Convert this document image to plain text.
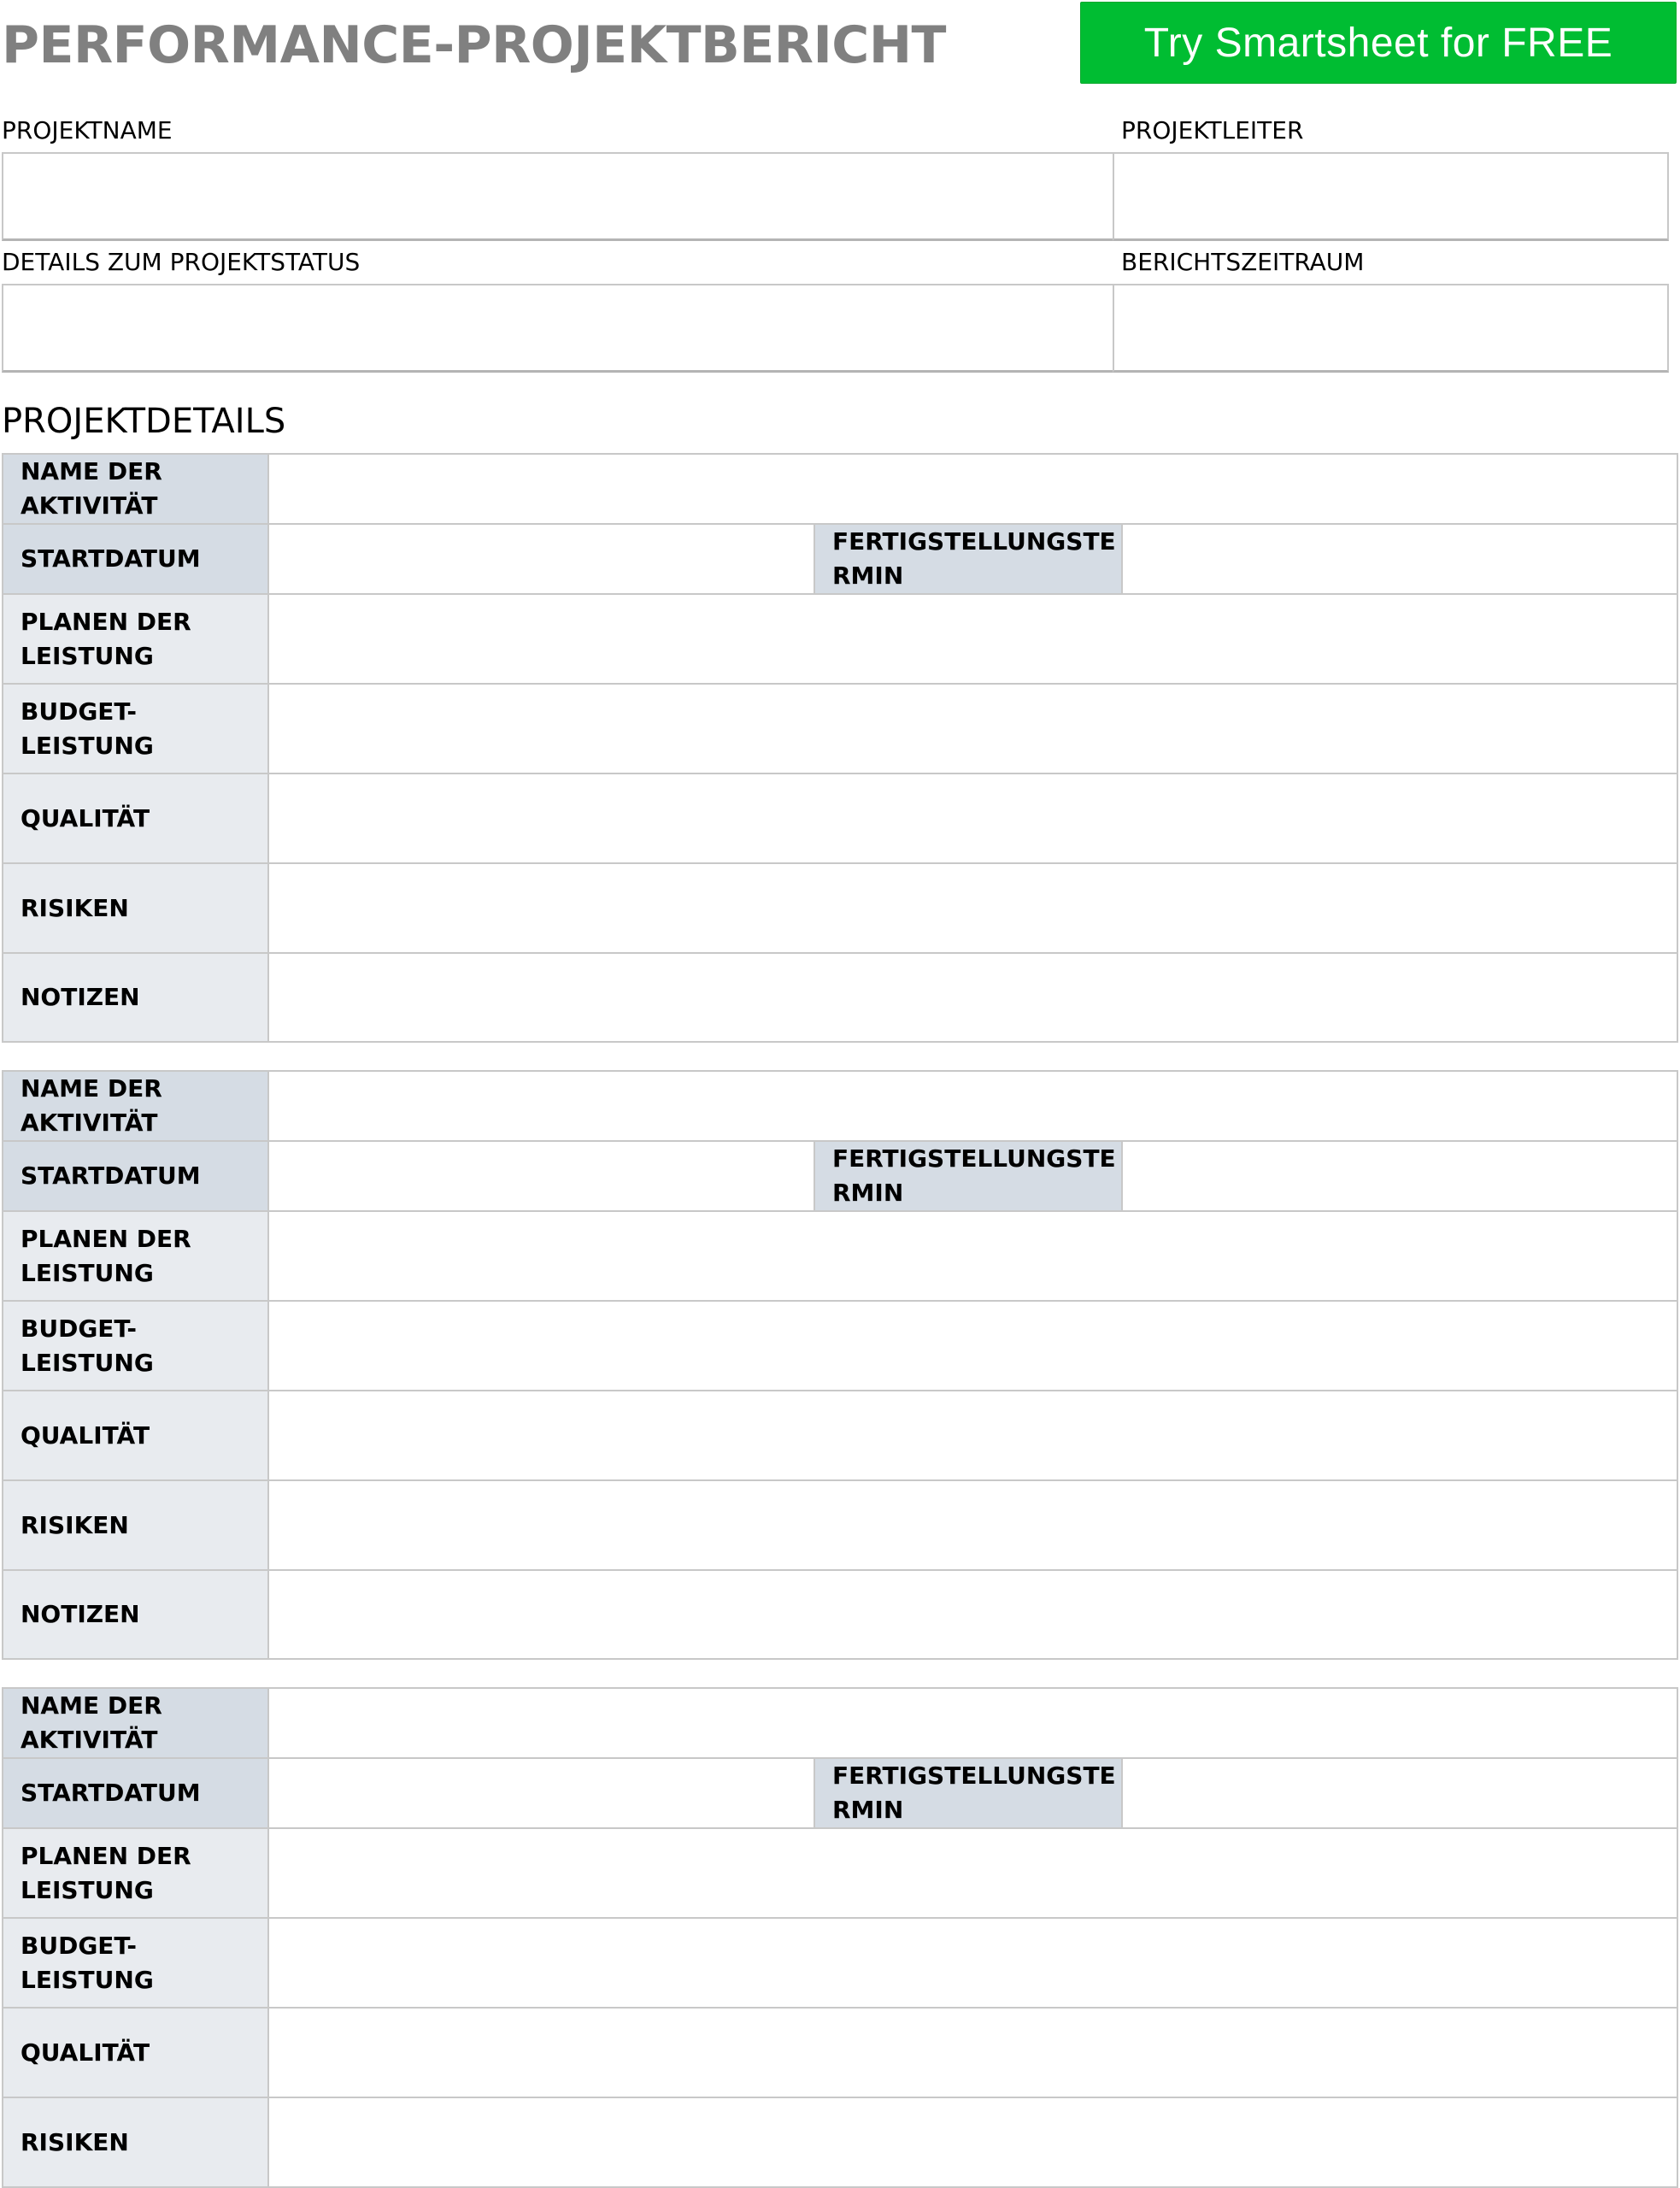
PERFORMANCE-PROJEKTBERICHT	Try Smartsheet for FREE
PROJEKTNAME	PROJEKTLEITER
DETAILS ZUM PROJEKTSTATUS	BERICHTSZEITRAUM
PROJEKTDETAILS
NAME DER AKTIVITÄT
STARTDATUM
FERTIGSTELLUNGSTERMIN
PLANEN DER LEISTUNG
BUDGET-LEISTUNG
QUALITÄT
RISIKEN
NOTIZEN
NAME DER AKTIVITÄT
STARTDATUM
FERTIGSTELLUNGSTERMIN
PLANEN DER LEISTUNG
BUDGET-LEISTUNG
QUALITÄT
RISIKEN
NOTIZEN
NAME DER AKTIVITÄT
STARTDATUM
FERTIGSTELLUNGSTERMIN
PLANEN DER LEISTUNG
BUDGET-LEISTUNG
QUALITÄT
RISIKEN
